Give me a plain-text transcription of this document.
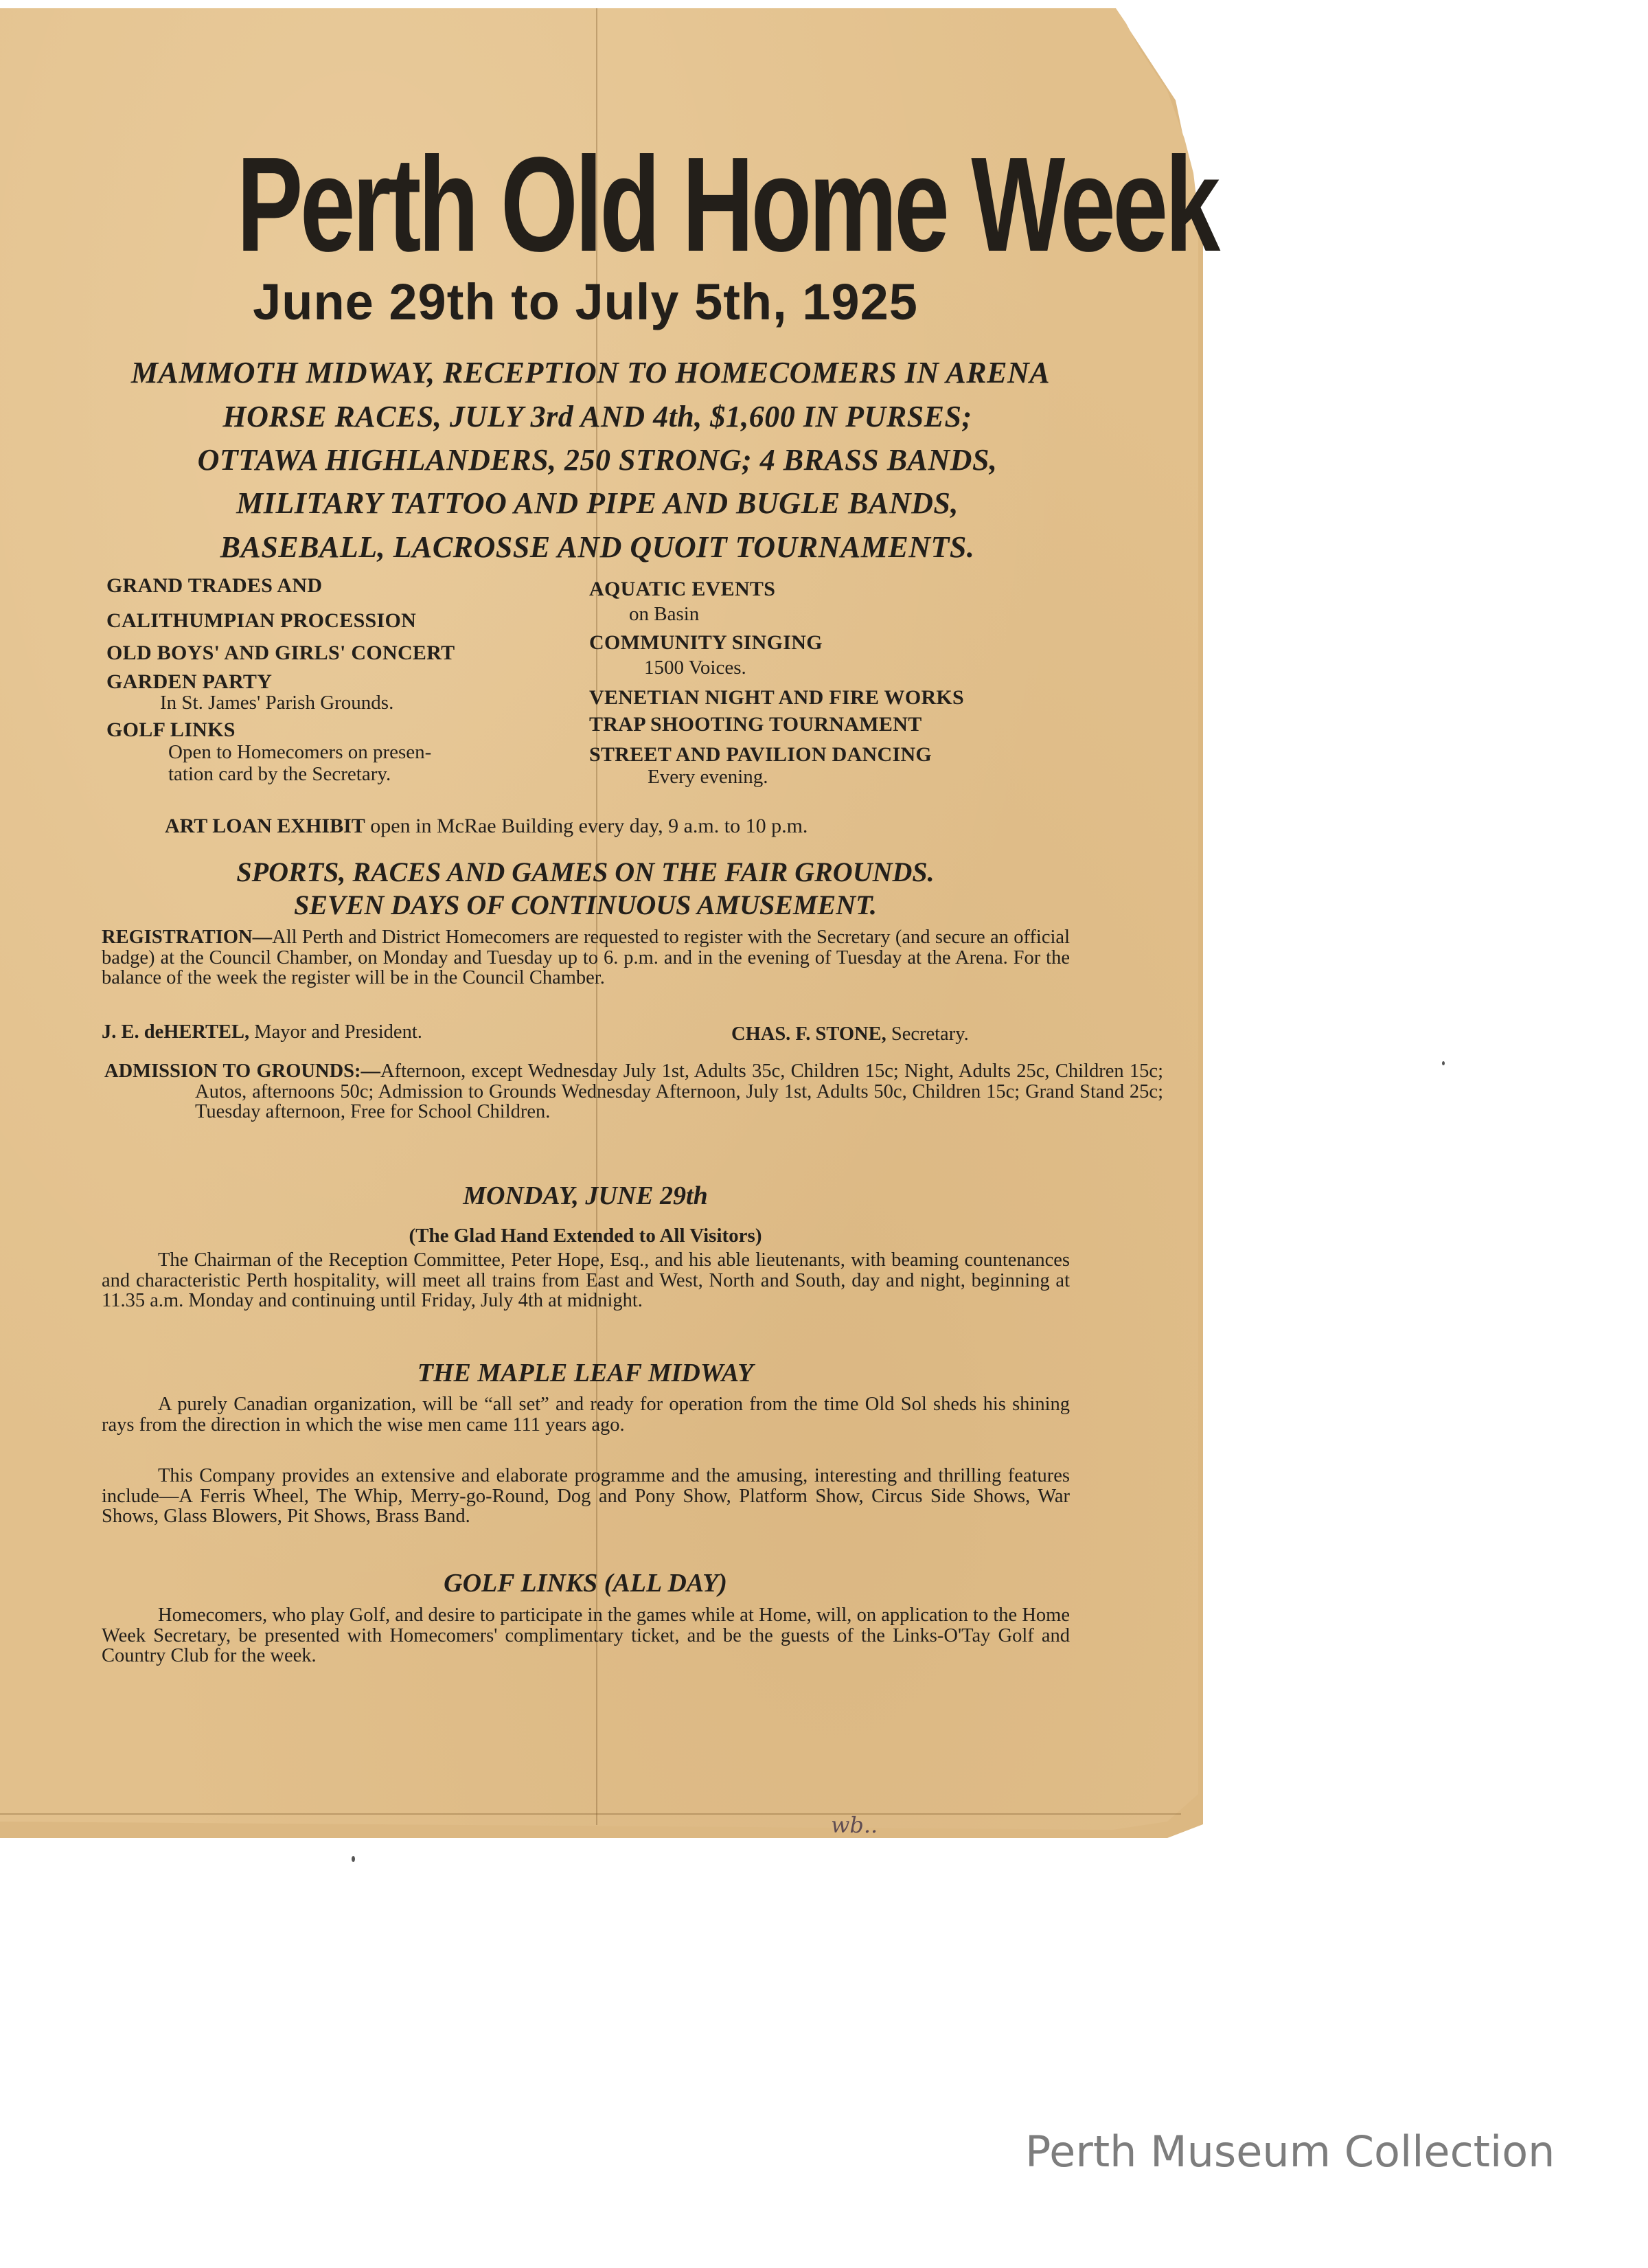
Perth Old Home Week
June 29th to July 5th, 1925
MAMMOTH MIDWAY, RECEPTION TO HOMECOMERS IN ARENA
HORSE RACES, JULY 3rd AND 4th, $1,600 IN PURSES;
OTTAWA HIGHLANDERS, 250 STRONG; 4 BRASS BANDS,
MILITARY TATTOO AND PIPE AND BUGLE BANDS,
BASEBALL, LACROSSE AND QUOIT TOURNAMENTS.
GRAND TRADES AND
CALITHUMPIAN PROCESSION
OLD BOYS' AND GIRLS' CONCERT
GARDEN PARTY
In St. James' Parish Grounds.
GOLF LINKS
Open to Homecomers on presen-
tation card by the Secretary.
AQUATIC EVENTS
on Basin
COMMUNITY SINGING
1500 Voices.
VENETIAN NIGHT AND FIRE WORKS
TRAP SHOOTING TOURNAMENT
STREET AND PAVILION DANCING
Every evening.
ART LOAN EXHIBIT open in McRae Building every day, 9 a.m. to 10 p.m.
SPORTS, RACES AND GAMES ON THE FAIR GROUNDS.
SEVEN DAYS OF CONTINUOUS AMUSEMENT.
REGISTRATION—All Perth and District Homecomers are requested to register with the Secretary (and secure an official badge) at the Council Chamber, on Monday and Tuesday up to 6. p.m. and in the evening of Tuesday at the Arena. For the balance of the week the register will be in the Council Chamber.
J. E. deHERTEL, Mayor and President.	CHAS. F. STONE, Secretary.
ADMISSION TO GROUNDS:—Afternoon, except Wednesday July 1st, Adults 35c, Children 15c; Night, Adults 25c, Children 15c; Autos, afternoons 50c; Admission to Grounds Wednesday Afternoon, July 1st, Adults 50c, Children 15c; Grand Stand 25c; Tuesday afternoon, Free for School Children.
MONDAY, JUNE 29th
(The Glad Hand Extended to All Visitors)
The Chairman of the Reception Committee, Peter Hope, Esq., and his able lieutenants, with beaming countenances and characteristic Perth hospitality, will meet all trains from East and West, North and South, day and night, beginning at 11.35 a.m. Monday and continuing until Friday, July 4th at midnight.
THE MAPLE LEAF MIDWAY
A purely Canadian organization, will be “all set” and ready for operation from the time Old Sol sheds his shining rays from the direction in which the wise men came 111 years ago.
This Company provides an extensive and elaborate programme and the amusing, interesting and thrilling features include—A Ferris Wheel, The Whip, Merry-go-Round, Dog and Pony Show, Platform Show, Circus Side Shows, War Shows, Glass Blowers, Pit Shows, Brass Band.
GOLF LINKS (ALL DAY)
Homecomers, who play Golf, and desire to participate in the games while at Home, will, on application to the Home Week Secretary, be presented with Homecomers' complimentary ticket, and be the guests of the Links-O'Tay Golf and Country Club for the week.
wb..
Perth Museum Collection
